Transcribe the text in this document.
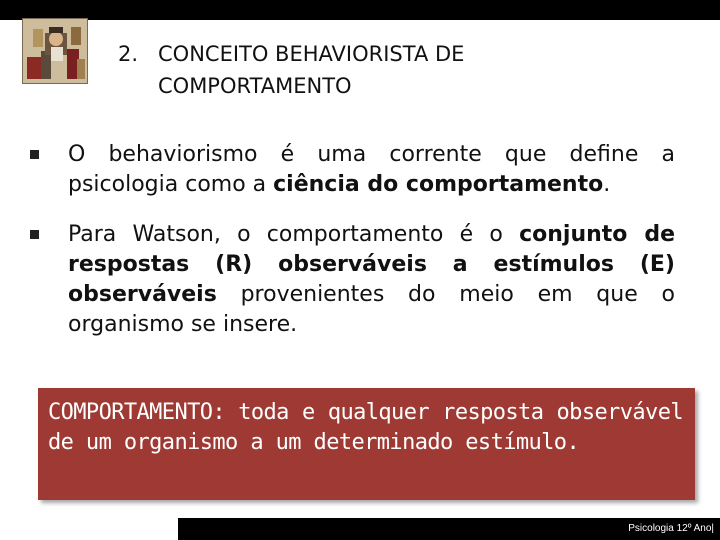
2. CONCEITO BEHAVIORISTA DE
COMPORTAMENTO
O behaviorismo é uma corrente que define a psicologia como a ciência do comportamento.
Para Watson, o comportamento é o conjunto de respostas (R) observáveis a estímulos (E) observáveis provenientes do meio em que o organismo se insere.
COMPORTAMENTO: toda e qualquer resposta observável de um organismo a um determinado estímulo.
Psicologia 12º Ano|
